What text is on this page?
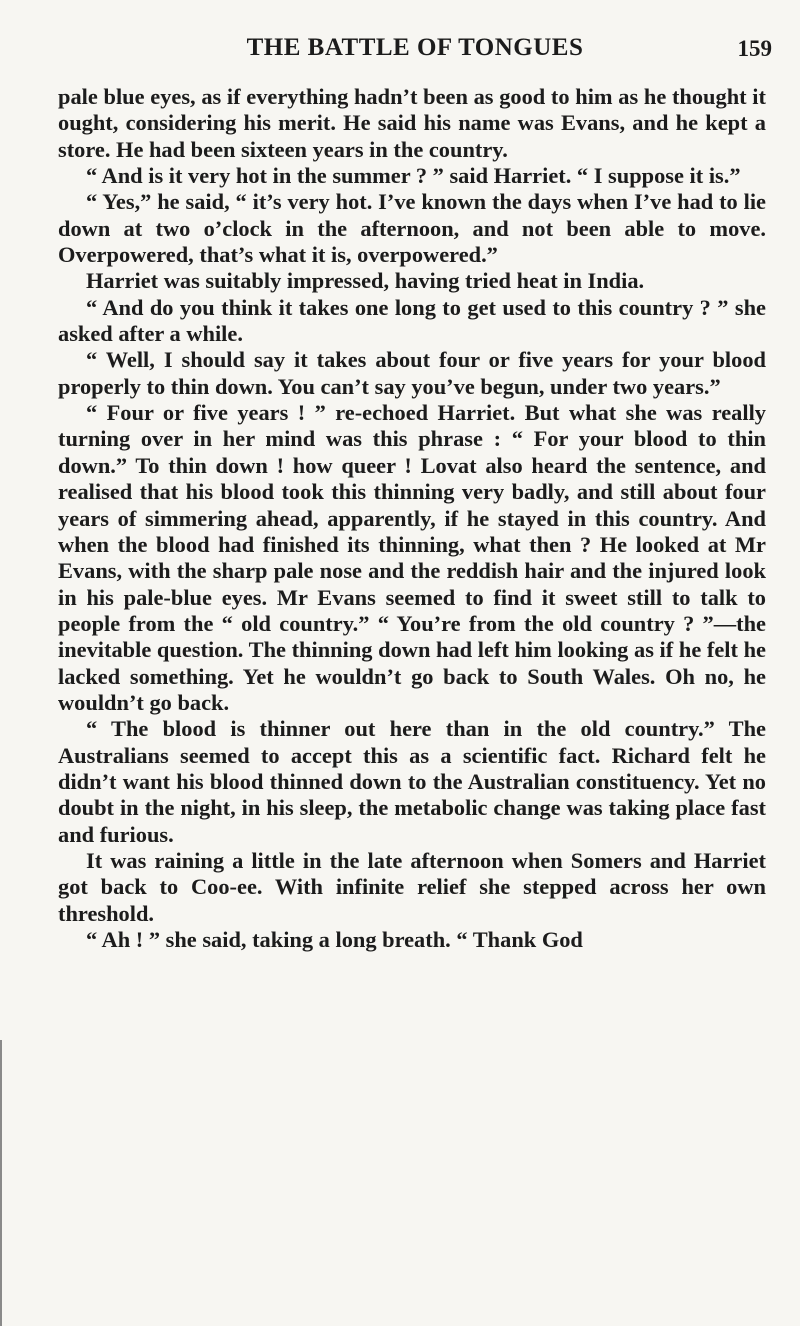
THE BATTLE OF TONGUES	159

pale blue eyes, as if everything hadn’t been as good to him as he thought it ought, considering his merit. He said his name was Evans, and he kept a store. He had been sixteen years in the country.

“ And is it very hot in the summer ? ” said Harriet. “ I suppose it is.”

“ Yes,” he said, “ it’s very hot. I’ve known the days when I’ve had to lie down at two o’clock in the afternoon, and not been able to move. Overpowered, that’s what it is, overpowered.”

Harriet was suitably impressed, having tried heat in India.

“ And do you think it takes one long to get used to this country ? ” she asked after a while.

“ Well, I should say it takes about four or five years for your blood properly to thin down. You can’t say you’ve begun, under two years.”

“ Four or five years ! ” re-echoed Harriet. But what she was really turning over in her mind was this phrase : “ For your blood to thin down.” To thin down ! how queer ! Lovat also heard the sentence, and realised that his blood took this thinning very badly, and still about four years of simmering ahead, apparently, if he stayed in this country. And when the blood had finished its thinning, what then ? He looked at Mr Evans, with the sharp pale nose and the reddish hair and the injured look in his pale-blue eyes. Mr Evans seemed to find it sweet still to talk to people from the “ old country.” “ You’re from the old country ? ”—the inevitable question. The thinning down had left him looking as if he felt he lacked something. Yet he wouldn’t go back to South Wales. Oh no, he wouldn’t go back.

“ The blood is thinner out here than in the old country.” The Australians seemed to accept this as a scientific fact. Richard felt he didn’t want his blood thinned down to the Australian constituency. Yet no doubt in the night, in his sleep, the metabolic change was taking place fast and furious.

It was raining a little in the late afternoon when Somers and Harriet got back to Coo-ee. With infinite relief she stepped across her own threshold.

“ Ah ! ” she said, taking a long breath. “ Thank God
